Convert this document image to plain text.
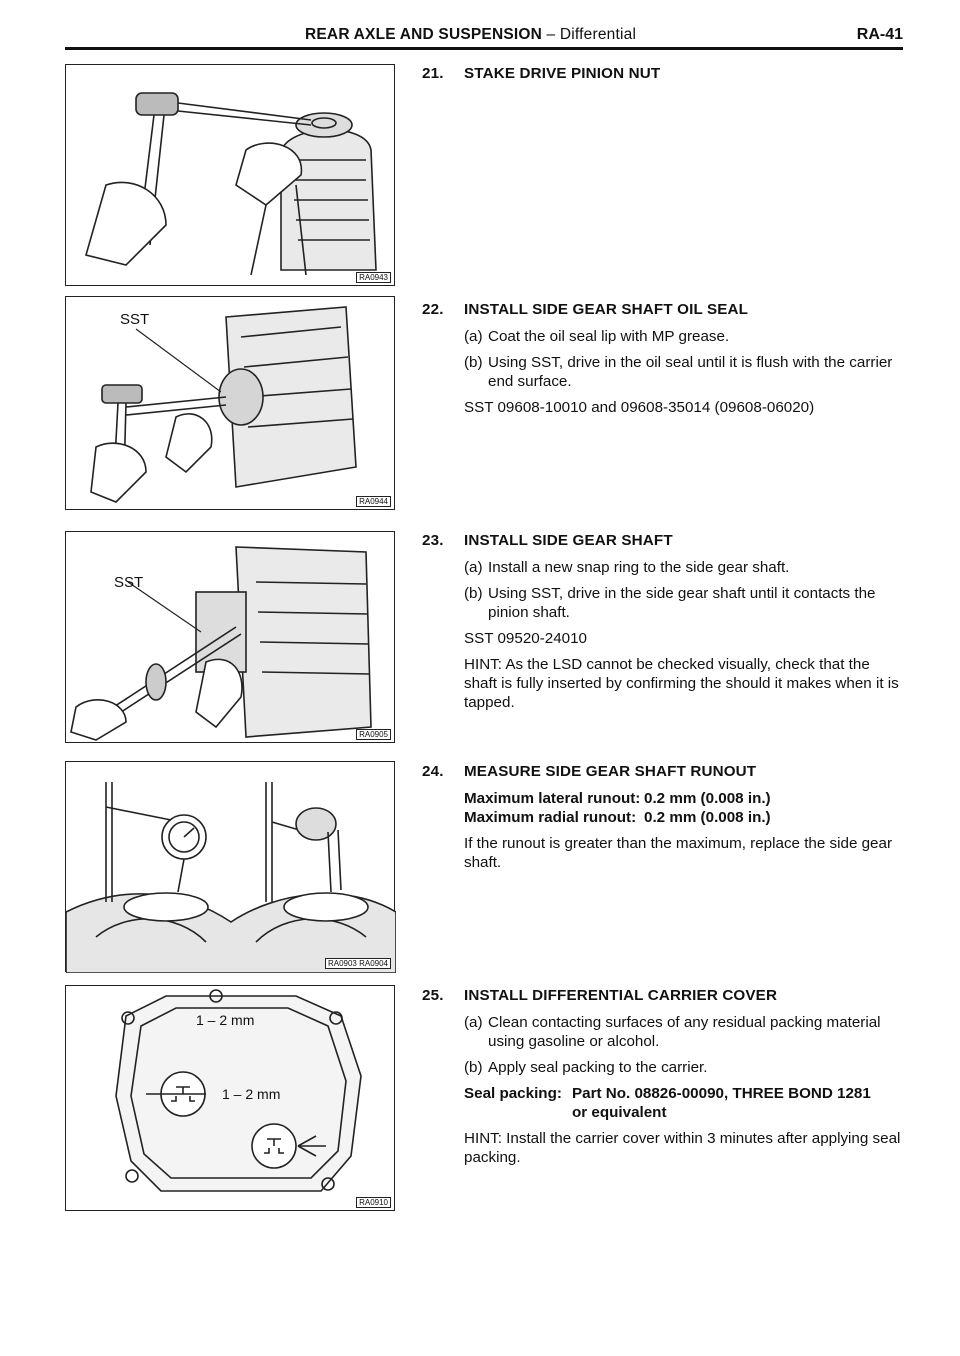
REAR AXLE AND SUSPENSION – Differential	RA-41
RA0943
SST
RA0944
SST
RA0905
RA0903 RA0904
1 – 2 mm
1 – 2 mm
RA0910
21. STAKE DRIVE PINION NUT
22. INSTALL SIDE GEAR SHAFT OIL SEAL
(a) Coat the oil seal lip with MP grease.
(b) Using SST, drive in the oil seal until it is flush with the carrier end surface.
SST 09608-10010 and 09608-35014 (09608-06020)
23. INSTALL SIDE GEAR SHAFT
(a) Install a new snap ring to the side gear shaft.
(b) Using SST, drive in the side gear shaft until it contacts the pinion shaft.
SST 09520-24010
HINT: As the LSD cannot be checked visually, check that the shaft is fully inserted by confirming the should it makes when it is tapped.
24. MEASURE SIDE GEAR SHAFT RUNOUT
Maximum lateral runout: 0.2 mm (0.008 in.)
Maximum radial runout: 0.2 mm (0.008 in.)
If the runout is greater than the maximum, replace the side gear shaft.
25. INSTALL DIFFERENTIAL CARRIER COVER
(a) Clean contacting surfaces of any residual packing material using gasoline or alcohol.
(b) Apply seal packing to the carrier.
Seal packing: Part No. 08826-00090, THREE BOND 1281 or equivalent
HINT: Install the carrier cover within 3 minutes after applying seal packing.
